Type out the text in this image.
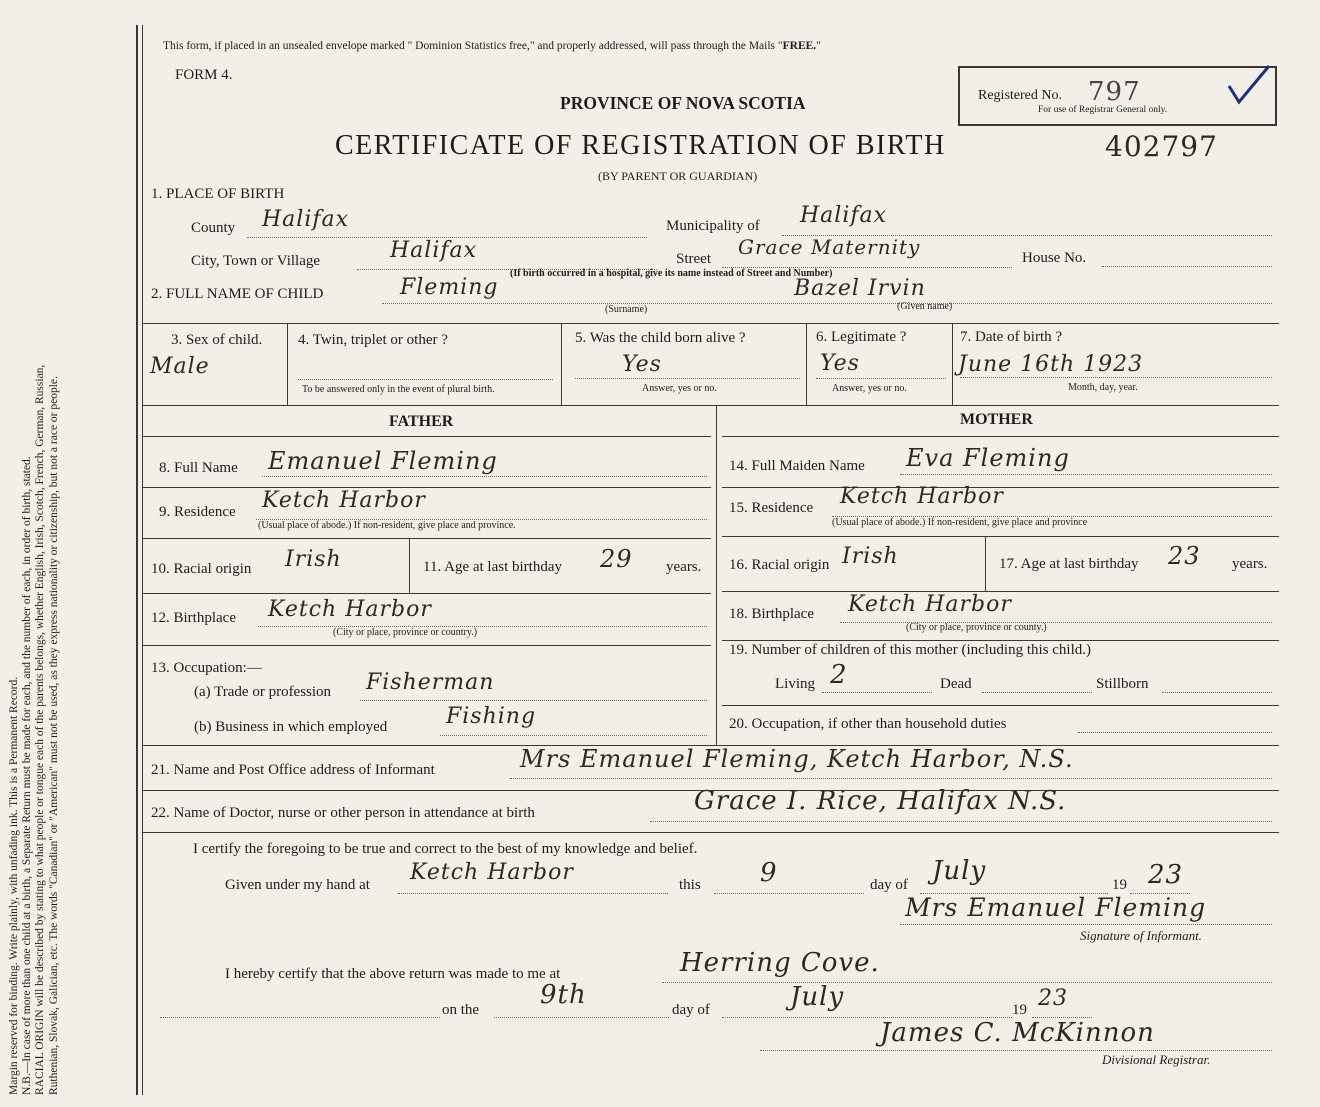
Margin reserved for binding. Write plainly, with unfading ink. This is a Permanent Record. N.B.—In case of more than one child at a birth, a Separate Return must be made for each, and the number of each, in order of birth, stated. RACIAL ORIGIN will be described by stating to what people or tongue each of the parents belongs, whether English, Irish, Scotch, French, German, Russian, Ruthenian, Slovak, Galician, etc. The words "Canadian" or "American" must not be used, as they express nationality or citizenship, but not a race or people.
This form, if placed in an unsealed envelope marked " Dominion Statistics free," and properly addressed, will pass through the Mails "FREE."
FORM 4.
PROVINCE OF NOVA SCOTIA
CERTIFICATE OF REGISTRATION OF BIRTH	402797
(BY PARENT OR GUARDIAN)
Registered No. 797
For use of Registrar General only.
1. PLACE OF BIRTH
County Halifax	Municipality of Halifax
City, Town or Village	Halifax	Street Grace Maternity	House No.
(If birth occurred in a hospital, give its name instead of Street and Number)
2. FULL NAME OF CHILD	Fleming
(Surname)
Bazel Irvin
(Given name)
3. Sex of child.
Male
4. Twin, triplet or other ?
To be answered only in the event of plural birth.
5. Was the child born alive ?
Yes
Answer, yes or no.
6. Legitimate ?
Yes
Answer, yes or no.
7. Date of birth ?
June 16th 1923
Month, day, year.
FATHER	MOTHER
8. Full Name Emanuel Fleming
9. Residence Ketch Harbor
(Usual place of abode.) If non-resident, give place and province.
10. Racial origin Irish	11. Age at last birthday 29 years.
12. Birthplace Ketch Harbor
(City or place, province or country.)
13. Occupation:—
(a) Trade or profession Fisherman
(b) Business in which employed	Fishing
14. Full Maiden Name Eva Fleming
15. Residence Ketch Harbor
(Usual place of abode.) If non-resident, give place and province
16. Racial origin Irish	17. Age at last birthday 23 years.
18. Birthplace Ketch Harbor
(City or place, province or county.)
19. Number of children of this mother (including this child.)
Living 2	Dead	Stillborn
20. Occupation, if other than household duties
21. Name and Post Office address of Informant	Mrs Emanuel Fleming, Ketch Harbor, N.S.
22. Name of Doctor, nurse or other person in attendance at birth	Grace I. Rice, Halifax N.S.
I certify the foregoing to be true and correct to the best of my knowledge and belief.
Given under my hand at Ketch Harbor	this 9	day of July	19 23
Mrs Emanuel Fleming
Signature of Informant.
I hereby certify that the above return was made to me at	Herring Cove.
on the 9th	day of	July	19 23
James C. McKinnon
Divisional Registrar.
